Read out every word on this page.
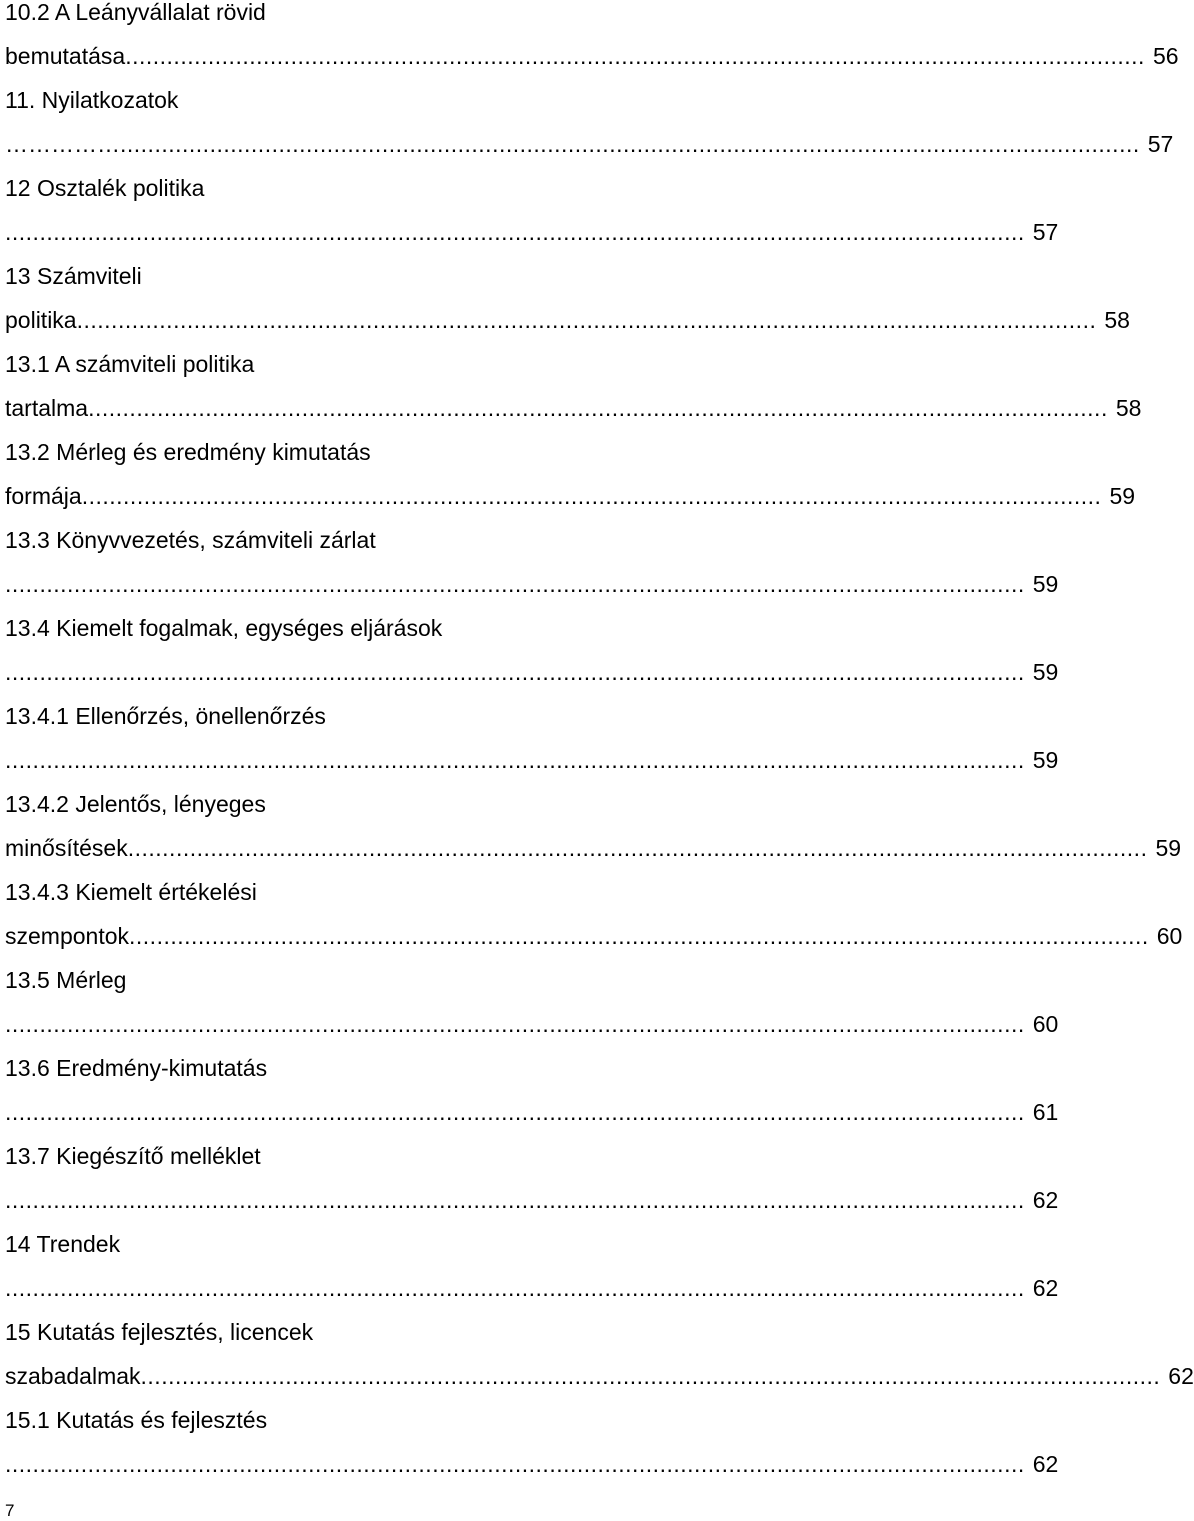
10.2 A Leányvállalat rövid
bemutatása .................................................................................................................................................... 56
11. Nyilatkozatok
…………… .................................................................................................................................................... 57
12 Osztalék politika
.................................................................................................................................................... 57
13 Számviteli
politika .................................................................................................................................................... 58
13.1 A számviteli politika
tartalma .................................................................................................................................................... 58
13.2 Mérleg és eredmény kimutatás
formája .................................................................................................................................................... 59
13.3 Könyvvezetés, számviteli zárlat
.................................................................................................................................................... 59
13.4 Kiemelt fogalmak, egységes eljárások
.................................................................................................................................................... 59
13.4.1 Ellenőrzés, önellenőrzés
.................................................................................................................................................... 59
13.4.2 Jelentős, lényeges
minősítések .................................................................................................................................................... 59
13.4.3 Kiemelt értékelési
szempontok .................................................................................................................................................... 60
13.5 Mérleg
.................................................................................................................................................... 60
13.6 Eredmény-kimutatás
.................................................................................................................................................... 61
13.7 Kiegészítő melléklet
.................................................................................................................................................... 62
14 Trendek
.................................................................................................................................................... 62
15 Kutatás fejlesztés, licencek
szabadalmak .................................................................................................................................................... 62
15.1 Kutatás és fejlesztés
.................................................................................................................................................... 62
7
